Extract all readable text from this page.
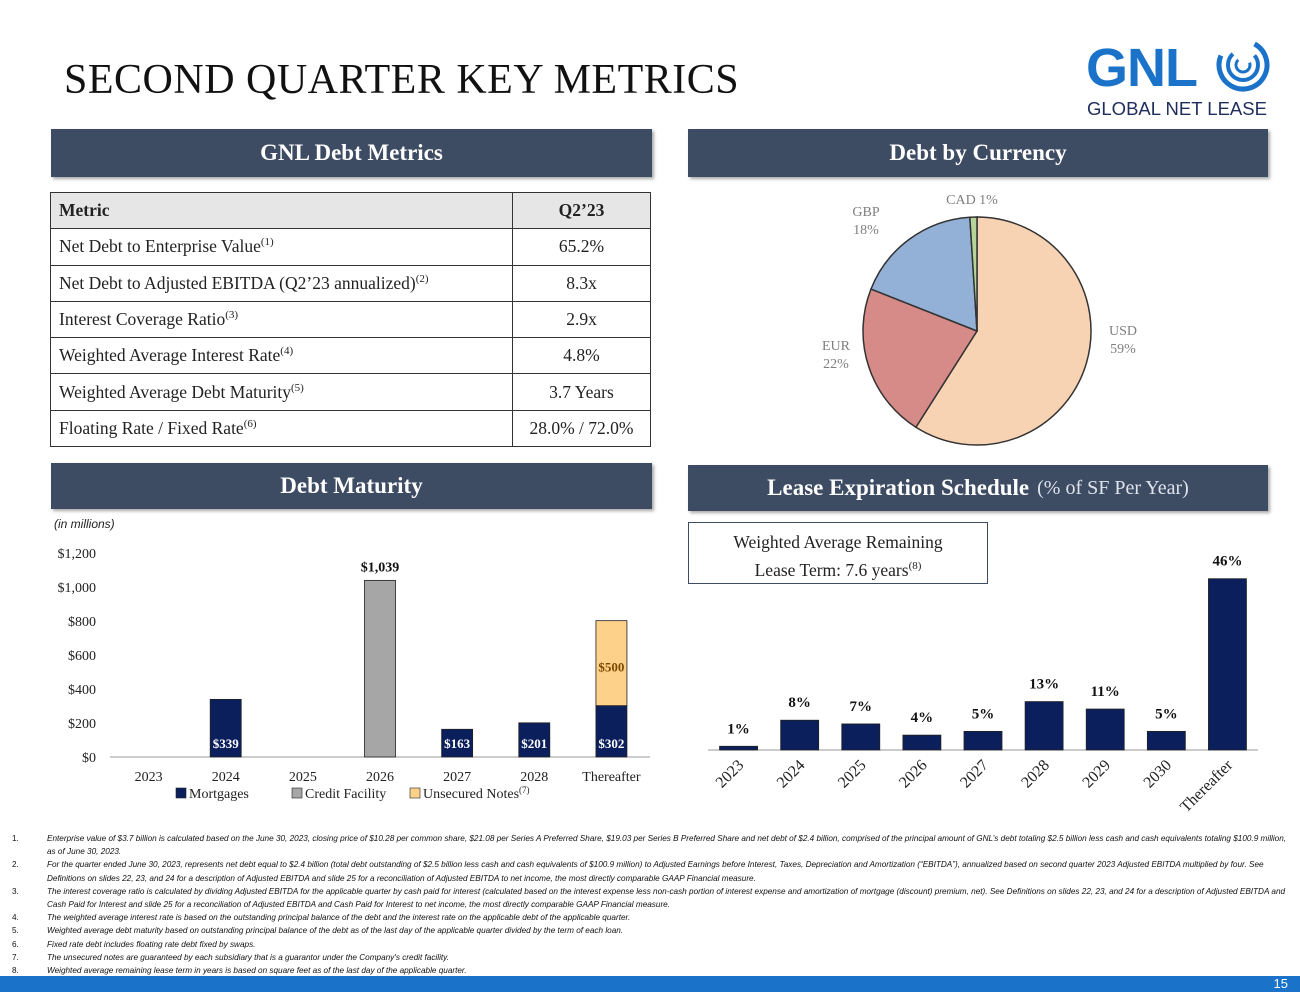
SECOND QUARTER KEY METRICS	GNL
GLOBAL NET LEASE
GNL Debt Metrics	Debt by Currency
Debt Maturity	Lease Expiration Schedule (% of SF Per Year)
Metric	Q2’23
Net Debt to Enterprise Value$^{(1)}$	65.2%
Net Debt to Adjusted EBITDA (Q2’23 annualized)$^{(2)}$	8.3x
Interest Coverage Ratio$^{(3)}$	2.9x
Weighted Average Interest Rate$^{(4)}$	4.8%
Weighted Average Debt Maturity$^{(5)}$	3.7 Years
Floating Rate / Fixed Rate$^{(6)}$	28.0% / 72.0%
USD
59%
EUR
22%
GBP
18%
CAD 1%
(in millions)
$0
$200
$400
$600
$800
$1,000
$1,200
2023
$339
2024	2025
$1,039
2026
$163
2027
$201
2028
$302
$500
Thereafter
Mortgages	Credit Facility	Unsecured Notes$^{(7)}$
Weighted Average Remaining
Lease Term: 7.6 years$^{(8)}$
1%
2023
8%
2024
7%
2025
4%
2026
5%
2027
13%
2028
11%
2029
5%
2030
46%
Thereafter
1.	Enterprise value of $3.7 billion is calculated based on the June 30, 2023, closing price of $10.28 per common share, $21.08 per Series A Preferred Share, $19.03 per Series B Preferred Share and net debt of $2.4 billion, comprised of the principal amount of GNL’s debt totaling $2.5 billion less cash and cash equivalents totaling $100.9 million, as of June 30, 2023.
2.	For the quarter ended June 30, 2023, represents net debt equal to $2.4 billion (total debt outstanding of $2.5 billion less cash and cash equivalents of $100.9 million) to Adjusted Earnings before Interest, Taxes, Depreciation and Amortization (“EBITDA”), annualized based on second quarter 2023 Adjusted EBITDA multiplied by four. See Definitions on slides 22, 23, and 24 for a description of Adjusted EBITDA and slide 25 for a reconciliation of Adjusted EBITDA to net income, the most directly comparable GAAP Financial measure.
3.	The interest coverage ratio is calculated by dividing Adjusted EBITDA for the applicable quarter by cash paid for interest (calculated based on the interest expense less non-cash portion of interest expense and amortization of mortgage (discount) premium, net). See Definitions on slides 22, 23, and 24 for a description of Adjusted EBITDA and Cash Paid for Interest and slide 25 for a reconciliation of Adjusted EBITDA and Cash Paid for Interest to net income, the most directly comparable GAAP Financial measure.
4.	The weighted average interest rate is based on the outstanding principal balance of the debt and the interest rate on the applicable debt of the applicable quarter.
5.	Weighted average debt maturity based on outstanding principal balance of the debt as of the last day of the applicable quarter divided by the term of each loan.
6.	Fixed rate debt includes floating rate debt fixed by swaps.
7.	The unsecured notes are guaranteed by each subsidiary that is a guarantor under the Company's credit facility.
8.	Weighted average remaining lease term in years is based on square feet as of the last day of the applicable quarter.
15
